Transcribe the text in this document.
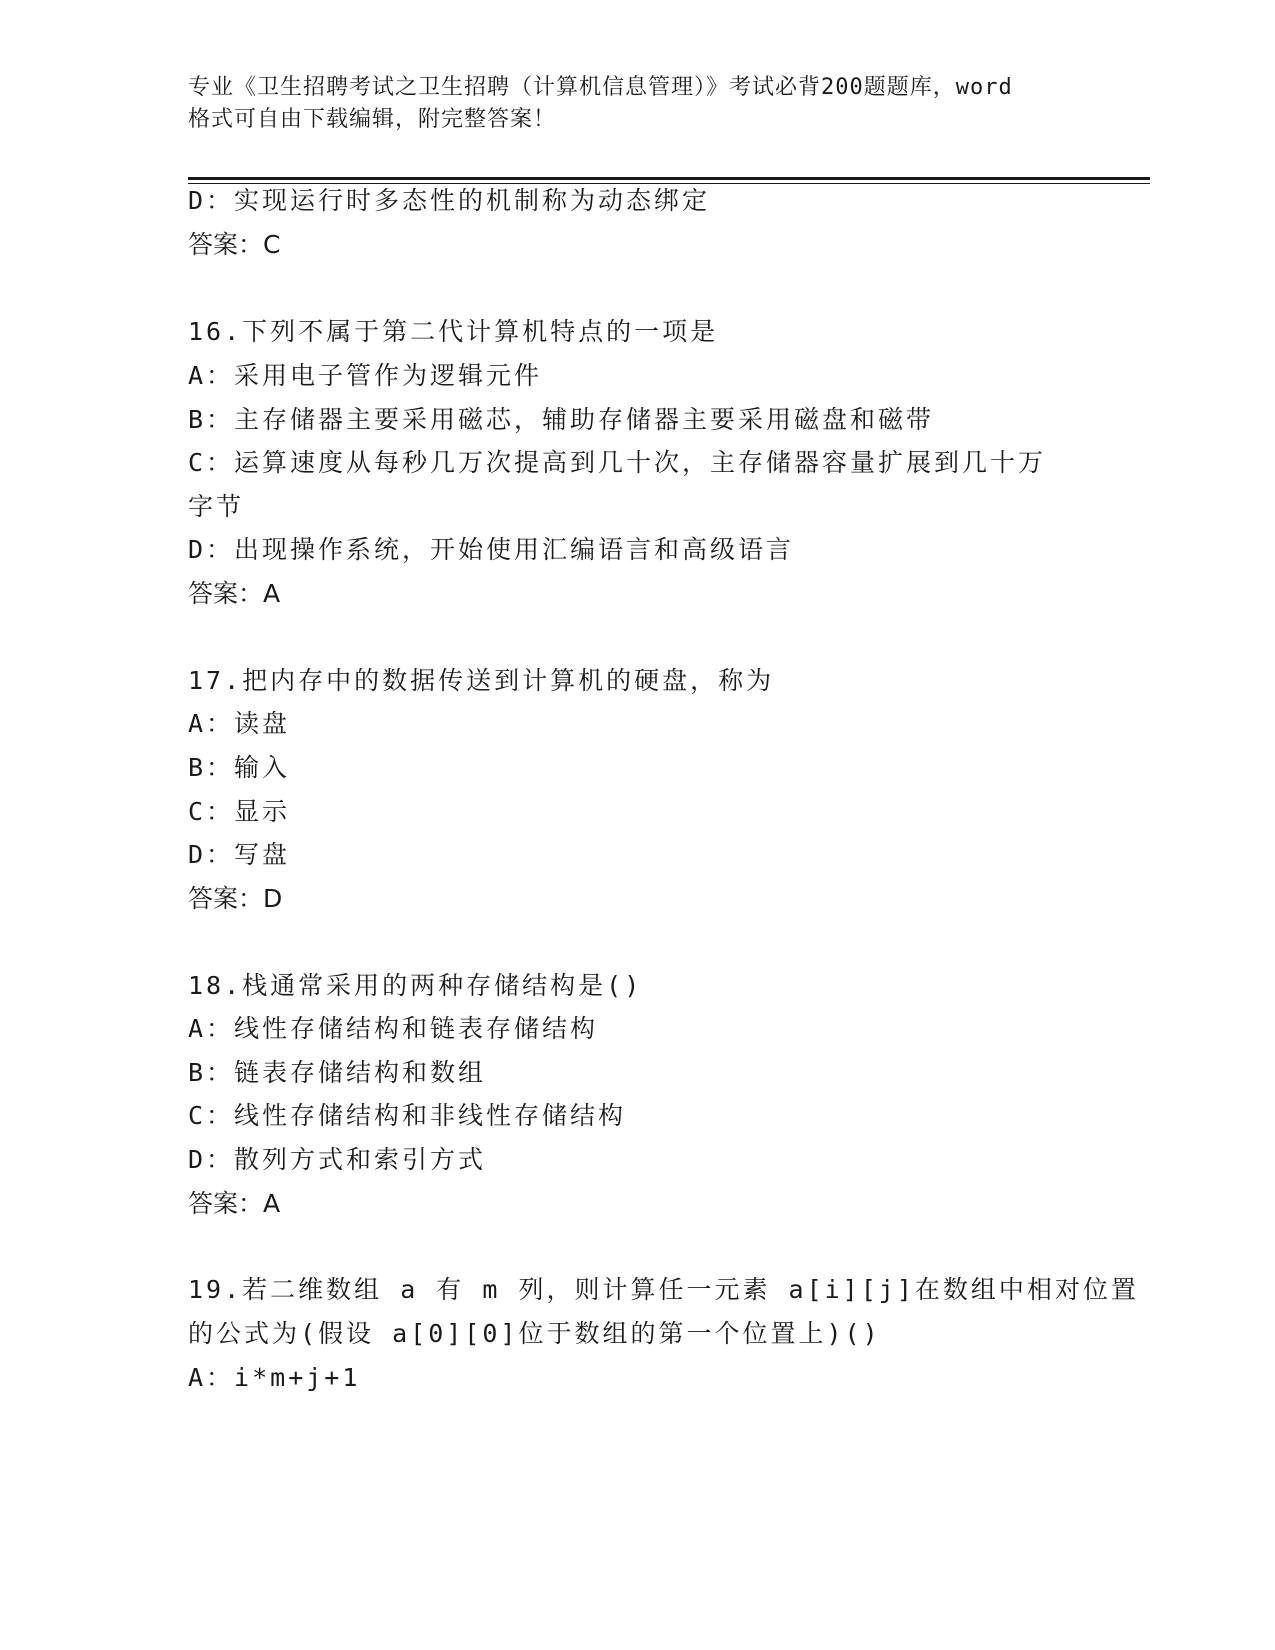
专业《卫生招聘考试之卫生招聘（计算机信息管理）》考试必背200题题库，word
格式可自由下载编辑，附完整答案！
D：实现运行时多态性的机制称为动态绑定
答案：C
16.下列不属于第二代计算机特点的一项是
A：采用电子管作为逻辑元件
B：主存储器主要采用磁芯，辅助存储器主要采用磁盘和磁带
C：运算速度从每秒几万次提高到几十次，主存储器容量扩展到几十万
字节
D：出现操作系统，开始使用汇编语言和高级语言
答案：A
17.把内存中的数据传送到计算机的硬盘，称为
A：读盘
B：输入
C：显示
D：写盘
答案：D
18.栈通常采用的两种存储结构是()
A：线性存储结构和链表存储结构
B：链表存储结构和数组
C：线性存储结构和非线性存储结构
D：散列方式和索引方式
答案：A
19.若二维数组 a 有 m 列，则计算任一元素 a[i][j]在数组中相对位置
的公式为(假设 a[0][0]位于数组的第一个位置上)()
A：i*m+j+1
